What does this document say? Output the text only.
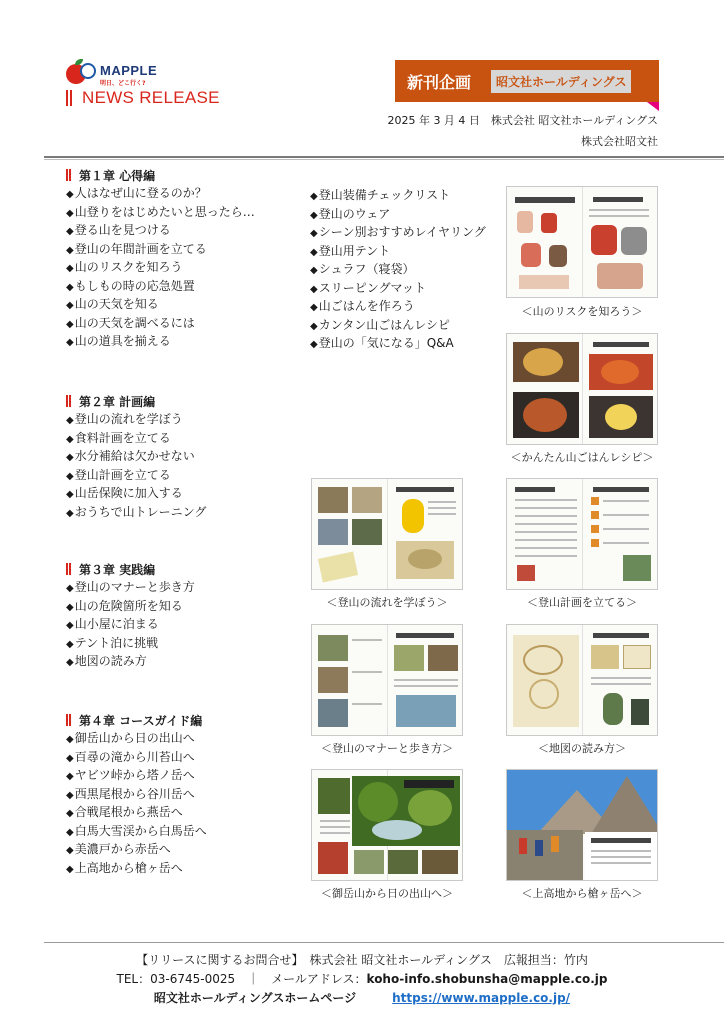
MAPPLE
明日、どこ行く?
NEWS RELEASE
新刊企画	昭文社ホールディングス
2025 年 3 月 4 日　株式会社 昭文社ホールディングス
株式会社昭文社
第１章 心得編
◆ 人はなぜ山に登るのか？
◆ 山登りをはじめたいと思ったら…
◆ 登る山を見つける
◆ 登山の年間計画を立てる
◆ 山のリスクを知ろう
◆ もしもの時の応急処置
◆ 山の天気を知る
◆ 山の天気を調べるには
◆ 山の道具を揃える
◆ 登山装備チェックリスト
◆ 登山のウェア
◆ シーン別おすすめレイヤリング
◆ 登山用テント
◆ シュラフ（寝袋）
◆ スリーピングマット
◆ 山ごはんを作ろう
◆ カンタン山ごはんレシピ
◆ 登山の「気になる」Q&A
第２章 計画編
◆ 登山の流れを学ぼう
◆ 食料計画を立てる
◆ 水分補給は欠かせない
◆ 登山計画を立てる
◆ 山岳保険に加入する
◆ おうちで山トレーニング
第３章 実践編
◆ 登山のマナーと歩き方
◆ 山の危険箇所を知る
◆ 山小屋に泊まる
◆ テント泊に挑戦
◆ 地図の読み方
第４章 コースガイド編
◆ 御岳山から日の出山へ
◆ 百尋の滝から川苔山へ
◆ ヤビツ峠から塔ノ岳へ
◆ 西黒尾根から谷川岳へ
◆ 合戦尾根から燕岳へ
◆ 白馬大雪渓から白馬岳へ
◆ 美濃戸から赤岳へ
◆ 上高地から槍ヶ岳へ
＜山のリスクを知ろう＞
＜かんたん山ごはんレシピ＞
＜登山の流れを学ぼう＞	＜登山計画を立てる＞
＜登山のマナーと歩き方＞	＜地図の読み方＞
＜御岳山から日の出山へ＞	＜上高地から槍ヶ岳へ＞
【リリースに関するお問合せ】　株式会社 昭文社ホールディングス　広報担当：竹内
TEL：03-6745-0025　｜　メールアドレス：koho-info.shobunsha@mapple.co.jp
昭文社ホールディングスホームページ	https://www.mapple.co.jp/
